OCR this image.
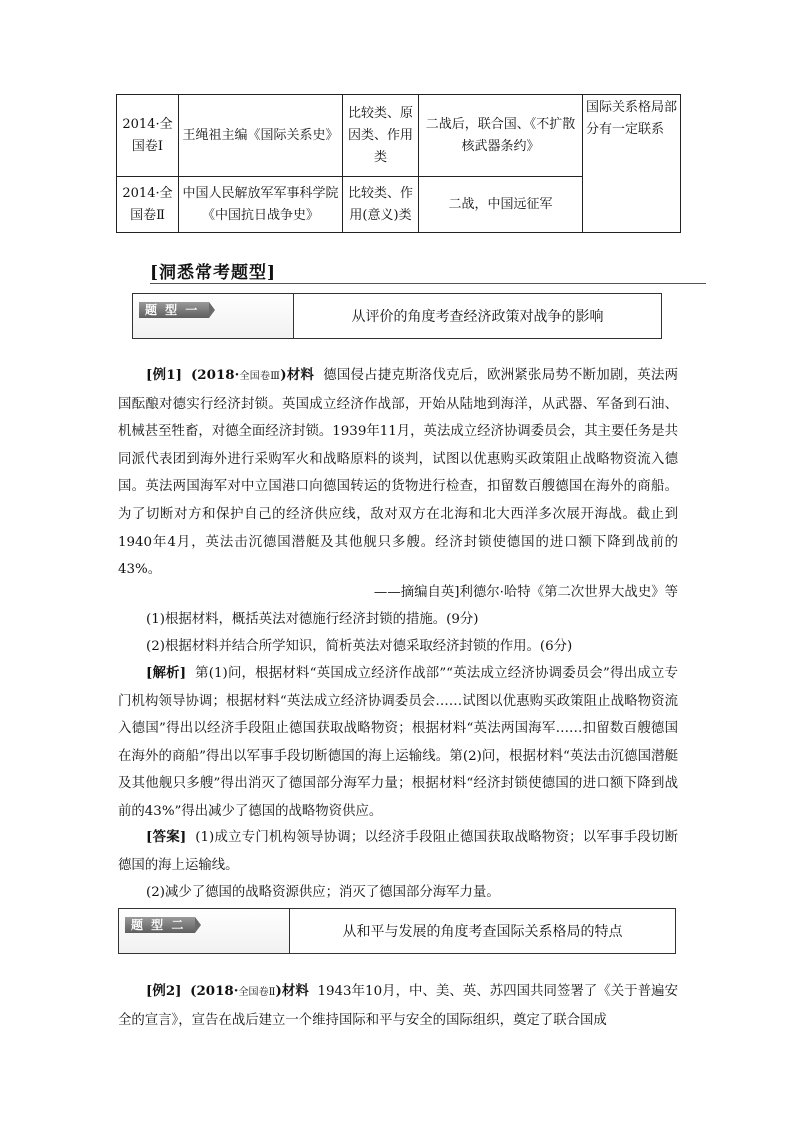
2014·全国卷Ⅰ	王绳祖主编《国际关系史》	比较类、原因类、作用类	二战后，联合国、《不扩散核武器条约》	国际关系格局部分有一定联系
2014·全国卷Ⅱ	中国人民解放军军事科学院《中国抗日战争史》	比较类、作用(意义)类	二战，中国远征军	
[洞悉常考题型]
题 型 一	从评价的角度考查经济政策对战争的影响
[例1] (2018·全国卷Ⅲ)材料 德国侵占捷克斯洛伐克后，欧洲紧张局势不断加剧，英法两国酝酿对德实行经济封锁。英国成立经济作战部，开始从陆地到海洋，从武器、军备到石油、机械甚至牲畜，对德全面经济封锁。1939年11月，英法成立经济协调委员会，其主要任务是共同派代表团到海外进行采购军火和战略原料的谈判，试图以优惠购买政策阻止战略物资流入德国。英法两国海军对中立国港口向德国转运的货物进行检查，扣留数百艘德国在海外的商船。为了切断对方和保护自己的经济供应线，敌对双方在北海和北大西洋多次展开海战。截止到1940年4月，英法击沉德国潜艇及其他舰只多艘。经济封锁使德国的进口额下降到战前的43%。
——摘编自英]利德尔·哈特《第二次世界大战史》等
(1)根据材料，概括英法对德施行经济封锁的措施。(9分)
(2)根据材料并结合所学知识，简析英法对德采取经济封锁的作用。(6分)
[解析] 第(1)问，根据材料“英国成立经济作战部”“英法成立经济协调委员会”得出成立专门机构领导协调；根据材料“英法成立经济协调委员会……试图以优惠购买政策阻止战略物资流入德国”得出以经济手段阻止德国获取战略物资；根据材料“英法两国海军……扣留数百艘德国在海外的商船”得出以军事手段切断德国的海上运输线。第(2)问，根据材料“英法击沉德国潜艇及其他舰只多艘”得出消灭了德国部分海军力量；根据材料“经济封锁使德国的进口额下降到战前的43%”得出减少了德国的战略物资供应。
[答案] (1)成立专门机构领导协调；以经济手段阻止德国获取战略物资；以军事手段切断德国的海上运输线。
(2)减少了德国的战略资源供应；消灭了德国部分海军力量。
题 型 二	从和平与发展的角度考查国际关系格局的特点
[例2] (2018·全国卷Ⅱ)材料 1943年10月，中、美、英、苏四国共同签署了《关于普遍安全的宣言》，宣告在战后建立一个维持国际和平与安全的国际组织，奠定了联合国成
